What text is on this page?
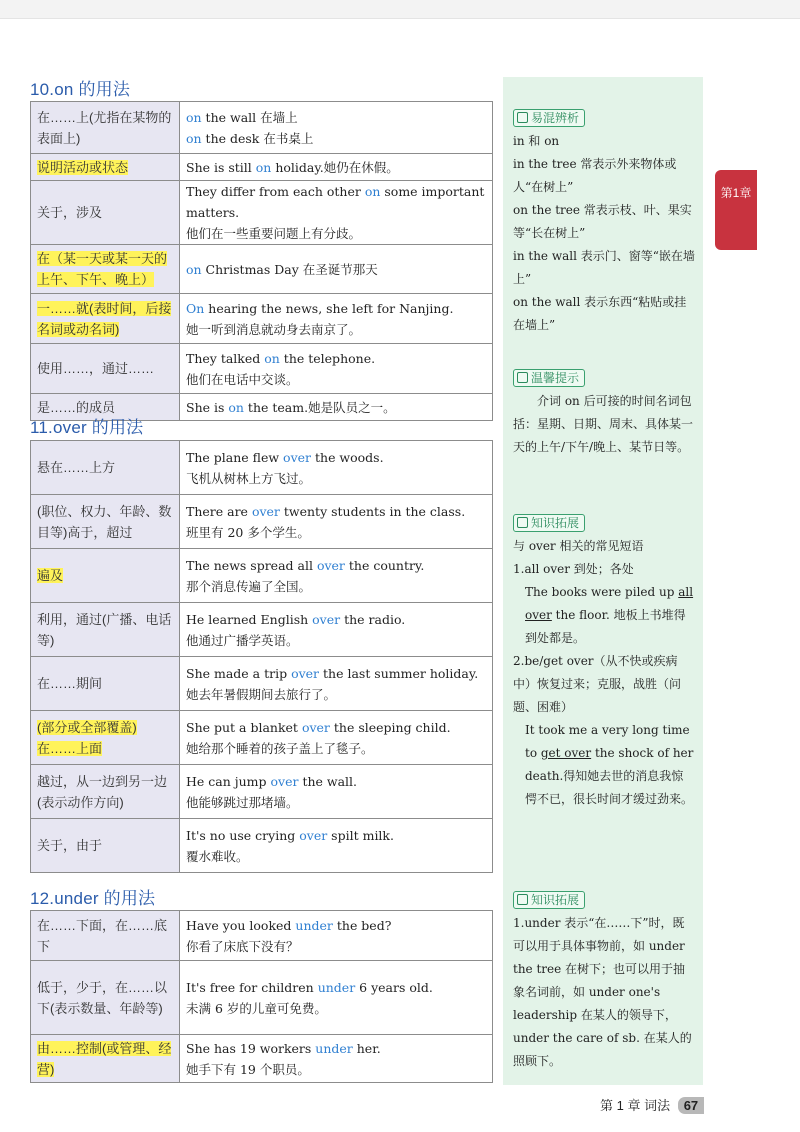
10.on 的用法
在……上(尤指在某物的表面上)	on the wall 在墙上
on the desk 在书桌上

说明活动或状态	She is still on holiday.她仍在休假。
关于，涉及	They differ from each other on some important matters.
他们在一些重要问题上有分歧。

在（某一天或某一天的上午、下午、晚上）	on Christmas Day 在圣诞节那天
一……就(表时间，后接名词或动名词)	On hearing the news, she left for Nanjing.
她一听到消息就动身去南京了。

使用……，通过……	They talked on the telephone.
他们在电话中交谈。

是……的成员	She is on the team.她是队员之一。
11.over 的用法
悬在……上方	The plane flew over the woods.
飞机从树林上方飞过。

(职位、权力、年龄、数目等)高于，超过	There are over twenty students in the class.
班里有 20 多个学生。

遍及	The news spread all over the country.
那个消息传遍了全国。

利用，通过(广播、电话等)	He learned English over the radio.
他通过广播学英语。

在……期间	She made a trip over the last summer holiday.
她去年暑假期间去旅行了。

(部分或全部覆盖)在……上面	She put a blanket over the sleeping child.
她给那个睡着的孩子盖上了毯子。

越过，从一边到另一边(表示动作方向)	He can jump over the wall.
他能够跳过那堵墙。

关于，由于	It's no use crying over spilt milk.
覆水难收。
12.under 的用法
在……下面，在……底下	Have you looked under the bed?
你看了床底下没有？

低于，少于，在……以下(表示数量、年龄等)	It's free for children under 6 years old.
未满 6 岁的儿童可免费。

由……控制(或管理、经营)	She has 19 workers under her.
她手下有 19 个职员。

易混辨析

in 和 on

in the tree 常表示外来物体或人“在树上”

on the tree 常表示枝、叶、果实等“长在树上”

in the wall 表示门、窗等“嵌在墙上”

on the wall 表示东西“粘贴或挂在墙上”

温馨提示

介词 on 后可接的时间名词包括：星期、日期、周末、具体某一天的上午/下午/晚上、某节日等。

知识拓展

与 over 相关的常见短语

1.all over 到处；各处

The books were piled up all over the floor. 地板上书堆得到处都是。

2.be/get over（从不快或疾病中）恢复过来；克服，战胜（问题、困难）

It took me a very long time to get over the shock of her death.得知她去世的消息我惊愕不已，很长时间才缓过劲来。

知识拓展

1.under 表示“在……下”时，既可以用于具体事物前，如 under the tree 在树下；也可以用于抽象名词前，如 under one's leadership 在某人的领导下，under the care of sb. 在某人的照顾下。

第1章
第 1 章 词法 67
